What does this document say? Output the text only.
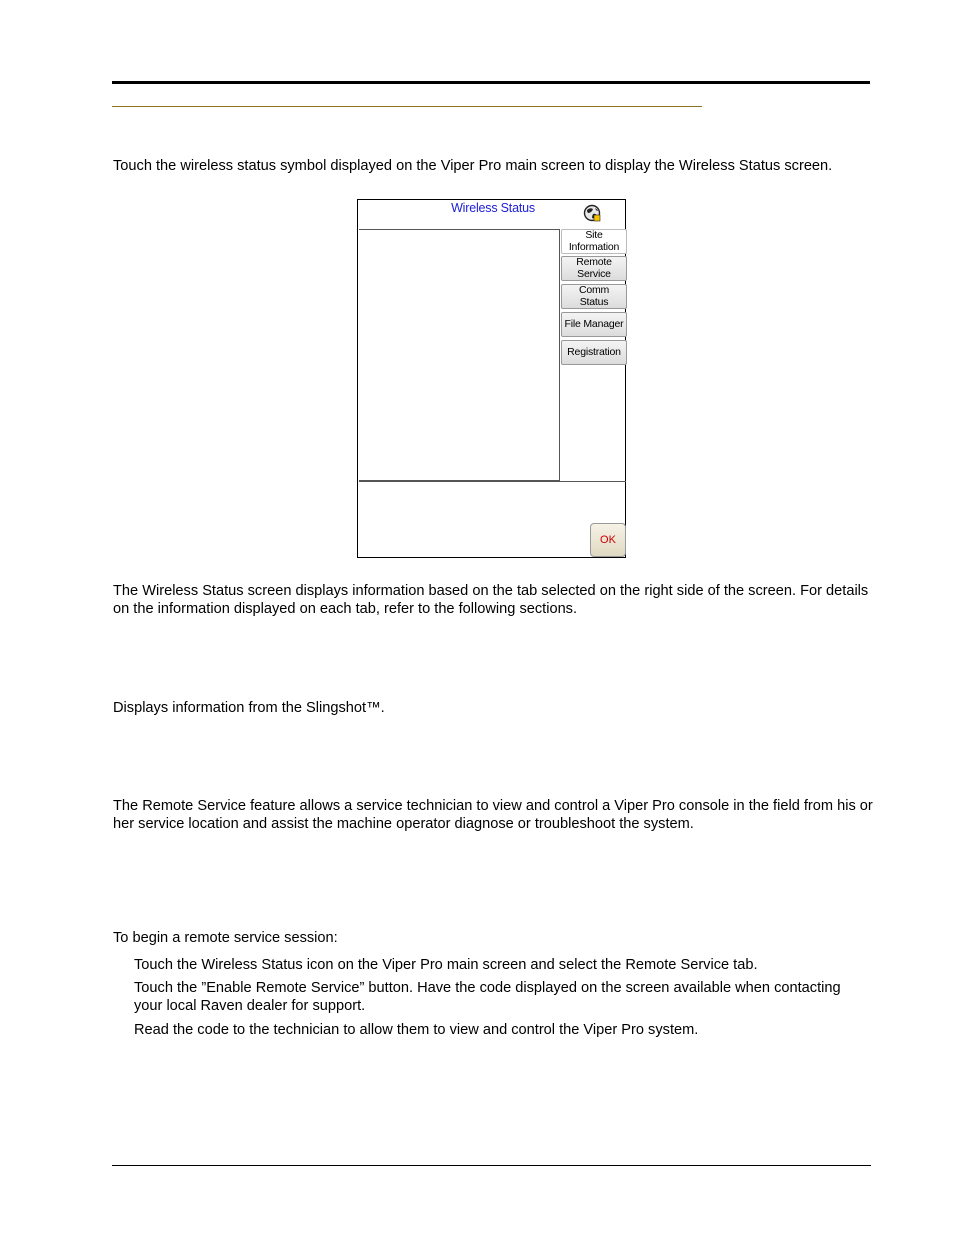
Touch the wireless status symbol displayed on the Viper Pro main screen to display the Wireless Status screen.

Wireless Status
Site
Information
Remote
Service
Comm
Status
File Manager
Registration
OK

The Wireless Status screen displays information based on the tab selected on the right side of the screen. For details on the information displayed on each tab, refer to the following sections.

Displays information from the Slingshot™.

The Remote Service feature allows a service technician to view and control a Viper Pro console in the field from his or her service location and assist the machine operator diagnose or troubleshoot the system.

To begin a remote service session:

Touch the Wireless Status icon on the Viper Pro main screen and select the Remote Service tab.

Touch the ”Enable Remote Service” button. Have the code displayed on the screen available when contacting your local Raven dealer for support.

Read the code to the technician to allow them to view and control the Viper Pro system.
